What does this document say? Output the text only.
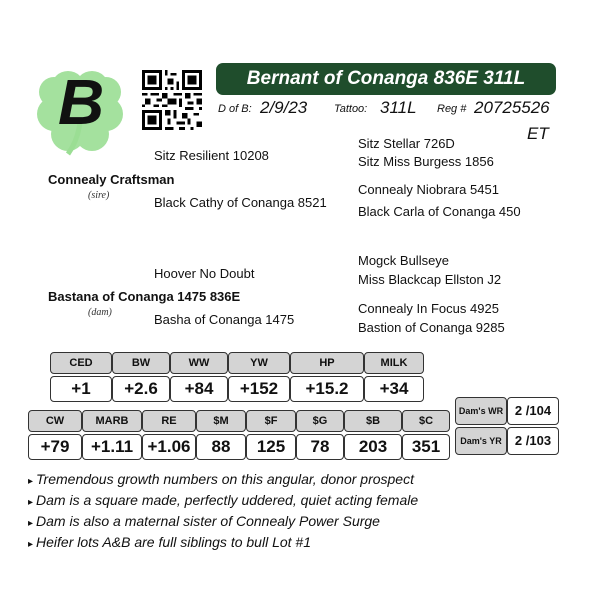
B	Bernant of Conanga 836E 311L
D of B: 2/9/23 Tattoo: 311L Reg # 20725526
ET
Sitz Stellar 726D
Sitz Resilient 10208	Sitz Miss Burgess 1856
Connealy Craftsman
Connealy Niobrara 5451
(sire)	Black Cathy of Conanga 8521
Black Carla of Conanga 450
Mogck Bullseye
Hoover No Doubt	Miss Blackcap Ellston J2
Bastana of Conanga 1475 836E
Connealy In Focus 4925
(dam)	Basha of Conanga 1475
Bastion of Conanga 9285
CED	BW	WW	YW	HP	MILK
+1	+2.6	+84	+152	+15.2	+34
CW	MARB	RE	$M	$F	$G	$B	$C
+79	+1.11 +1.06	88	125	78	203	351
Dam's WR 2 /104
Dam's YR	2 /103
▸ Tremendous growth numbers on this angular, donor prospect
▸ Dam is a square made, perfectly uddered, quiet acting female
▸ Dam is also a maternal sister of Connealy Power Surge
▸ Heifer lots A&B are full siblings to bull Lot #1
